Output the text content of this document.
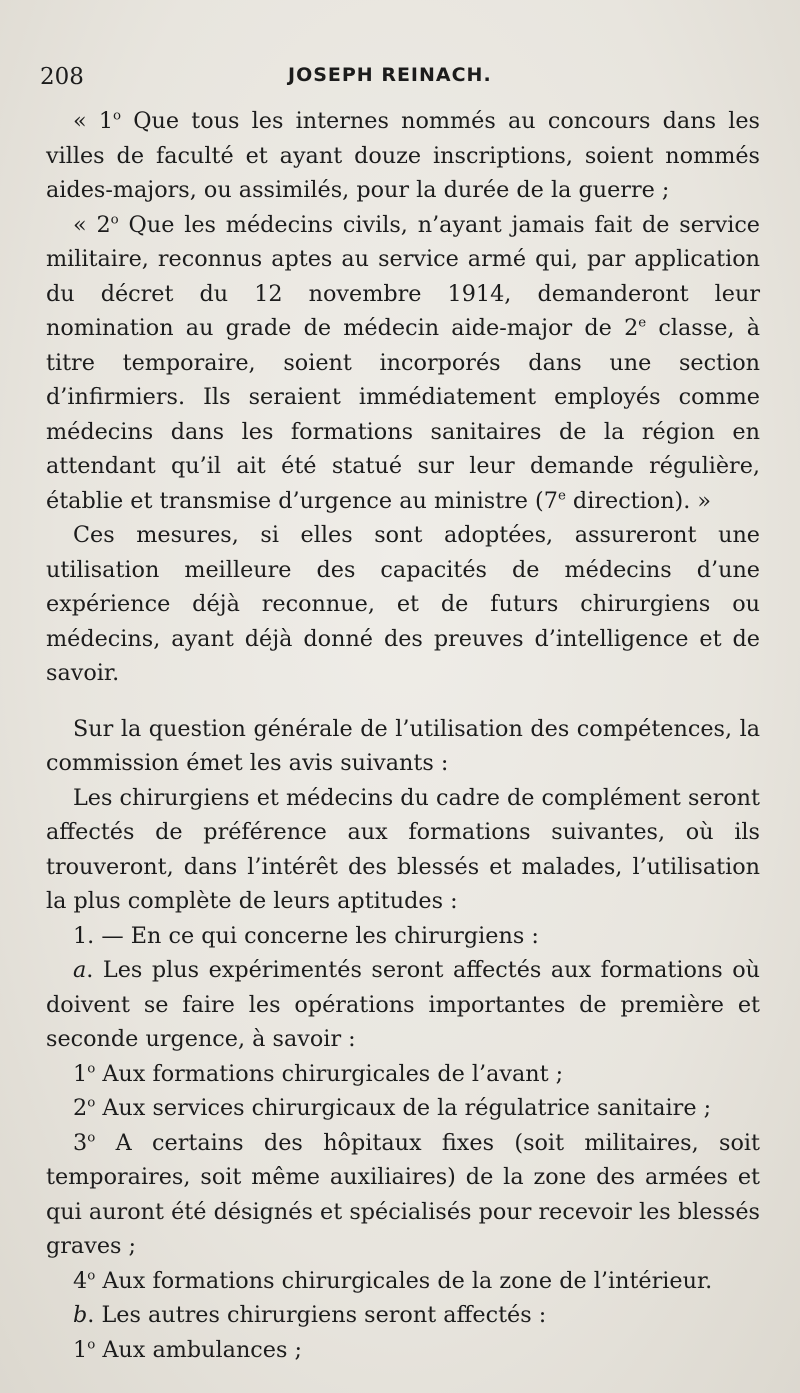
208	JOSEPH REINACH.

« 1$^o$ Que tous les internes nommés au concours dans les villes de faculté et ayant douze inscriptions, soient nommés aides-majors, ou assimilés, pour la durée de la guerre ;

« 2$^o$ Que les médecins civils, n’ayant jamais fait de service militaire, reconnus aptes au service armé qui, par application du décret du 12 novembre 1914, demanderont leur nomination au grade de médecin aide-major de 2e classe, à titre temporaire, soient incorporés dans une section d’infirmiers. Ils seraient immédiatement employés comme médecins dans les formations sanitaires de la région en attendant qu’il ait été statué sur leur demande régulière, établie et transmise d’urgence au ministre (7e direction). »

Ces mesures, si elles sont adoptées, assureront une utilisation meilleure des capacités de médecins d’une expérience déjà reconnue, et de futurs chirurgiens ou médecins, ayant déjà donné des preuves d’intelligence et de savoir.

Sur la question générale de l’utilisation des compétences, la commission émet les avis suivants :

Les chirurgiens et médecins du cadre de complément seront affectés de préférence aux formations suivantes, où ils trouveront, dans l’intérêt des blessés et malades, l’utilisation la plus complète de leurs aptitudes :

1. — En ce qui concerne les chirurgiens :

a. Les plus expérimentés seront affectés aux formations où doivent se faire les opérations importantes de première et seconde urgence, à savoir :

1$^o$ Aux formations chirurgicales de l’avant ;

2$^o$ Aux services chirurgicaux de la régulatrice sanitaire ;

3$^o$ A certains des hôpitaux fixes (soit militaires, soit temporaires, soit même auxiliaires) de la zone des armées et qui auront été désignés et spécialisés pour recevoir les blessés graves ;

4$^o$ Aux formations chirurgicales de la zone de l’intérieur.

b. Les autres chirurgiens seront affectés :

1$^o$ Aux ambulances ;
